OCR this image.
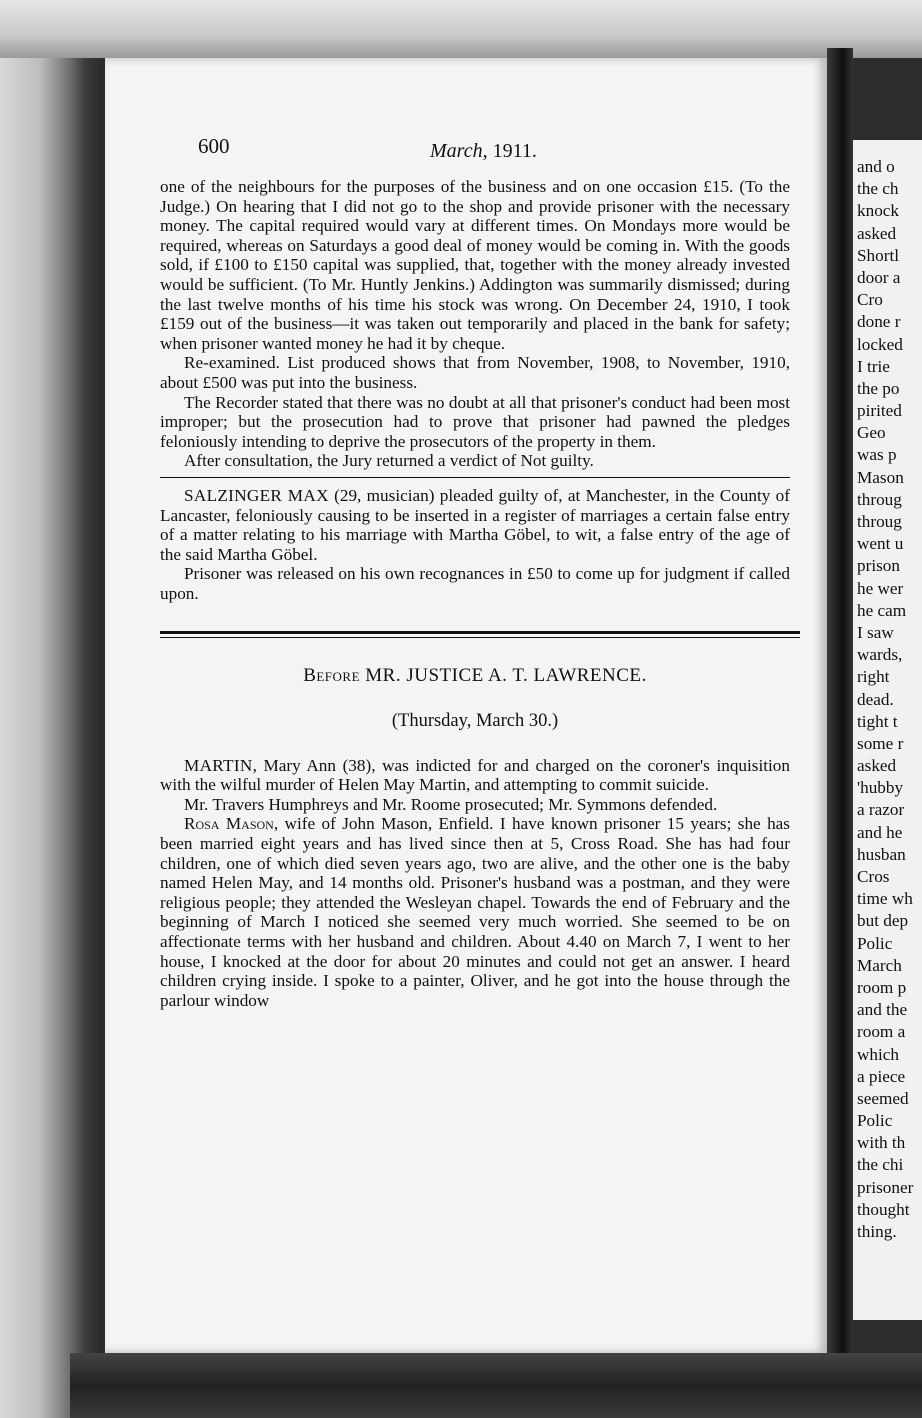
and o
the ch
knock
asked
Shortl
door a
Cro
done r
locked
I trie
the po
pirited
Geo
was p
Mason
throug
throug
went u
prison
he wer
he cam
I saw
wards,
right
dead.
tight t
some r
asked
'hubby
a razor
and he
husban
Cros
time wh
but dep
Polic
March
room p
and the
room a
which
a piece
seemed
Polic
with th
the chi
prisoner
thought
thing.
600	March, 1911.

one of the neighbours for the purposes of the business and on one occasion £15. (To the Judge.) On hearing that I did not go to the shop and provide prisoner with the necessary money. The capital required would vary at different times. On Mondays more would be required, whereas on Saturdays a good deal of money would be coming in. With the goods sold, if £100 to £150 capital was supplied, that, together with the money already invested would be sufficient. (To Mr. Huntly Jenkins.) Addington was summarily dismissed; during the last twelve months of his time his stock was wrong. On December 24, 1910, I took £159 out of the business—it was taken out temporarily and placed in the bank for safety; when prisoner wanted money he had it by cheque.

Re-examined. List produced shows that from November, 1908, to November, 1910, about £500 was put into the business.

The Recorder stated that there was no doubt at all that prisoner's conduct had been most improper; but the prosecution had to prove that prisoner had pawned the pledges feloniously intending to deprive the prosecutors of the property in them.

After consultation, the Jury returned a verdict of Not guilty.

SALZINGER MAX (29, musician) pleaded guilty of, at Manchester, in the County of Lancaster, feloniously causing to be inserted in a register of marriages a certain false entry of a matter relating to his marriage with Martha Göbel, to wit, a false entry of the age of the said Martha Göbel.

Prisoner was released on his own recognances in £50 to come up for judgment if called upon.

Before MR. JUSTICE A. T. LAWRENCE.
(Thursday, March 30.)

MARTIN, Mary Ann (38), was indicted for and charged on the coroner's inquisition with the wilful murder of Helen May Martin, and attempting to commit suicide.

Mr. Travers Humphreys and Mr. Roome prosecuted; Mr. Symmons defended.

Rosa Mason, wife of John Mason, Enfield. I have known prisoner 15 years; she has been married eight years and has lived since then at 5, Cross Road. She has had four children, one of which died seven years ago, two are alive, and the other one is the baby named Helen May, and 14 months old. Prisoner's husband was a postman, and they were religious people; they attended the Wesleyan chapel. Towards the end of February and the beginning of March I noticed she seemed very much worried. She seemed to be on affectionate terms with her husband and children. About 4.40 on March 7, I went to her house, I knocked at the door for about 20 minutes and could not get an answer. I heard children crying inside. I spoke to a painter, Oliver, and he got into the house through the parlour window
